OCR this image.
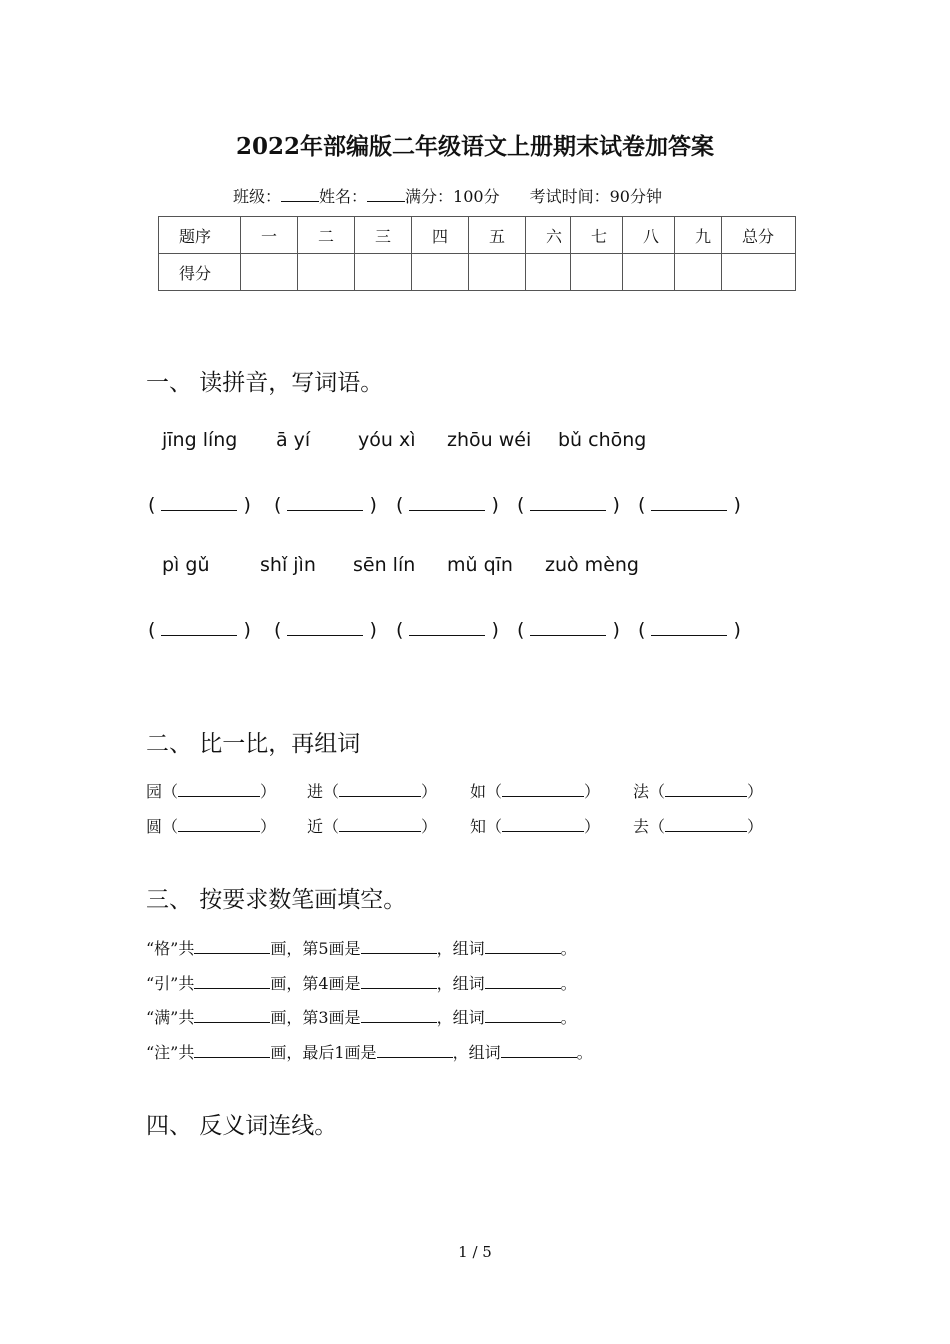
2022年部编版二年级语文上册期末试卷加答案
班级： 姓名： 满分：100分 考试时间：90分钟
题序	一	二	三	四	五	六	七	八	九	总分
得分										
一、 读拼音，写词语。
jīng líng ā yí	yóu xì zhōu wéi bǔ chōng
(	) (	) (	) (	) (	)
pì gǔ	shǐ jìn sēn lín mǔ qīn zuò mèng
(	) (	) (	) (	) (	)
二、 比一比，再组词
园（	） 进（	） 如（	） 法（	）
圆（	） 近（	） 知（	） 去（	）
三、 按要求数笔画填空。
“格”共	画，第5画是	，组词	。
“引”共	画，第4画是	，组词	。
“满”共	画，第3画是	，组词	。
“注”共	画，最后1画是	，组词	。
四、 反义词连线。
1 / 5
